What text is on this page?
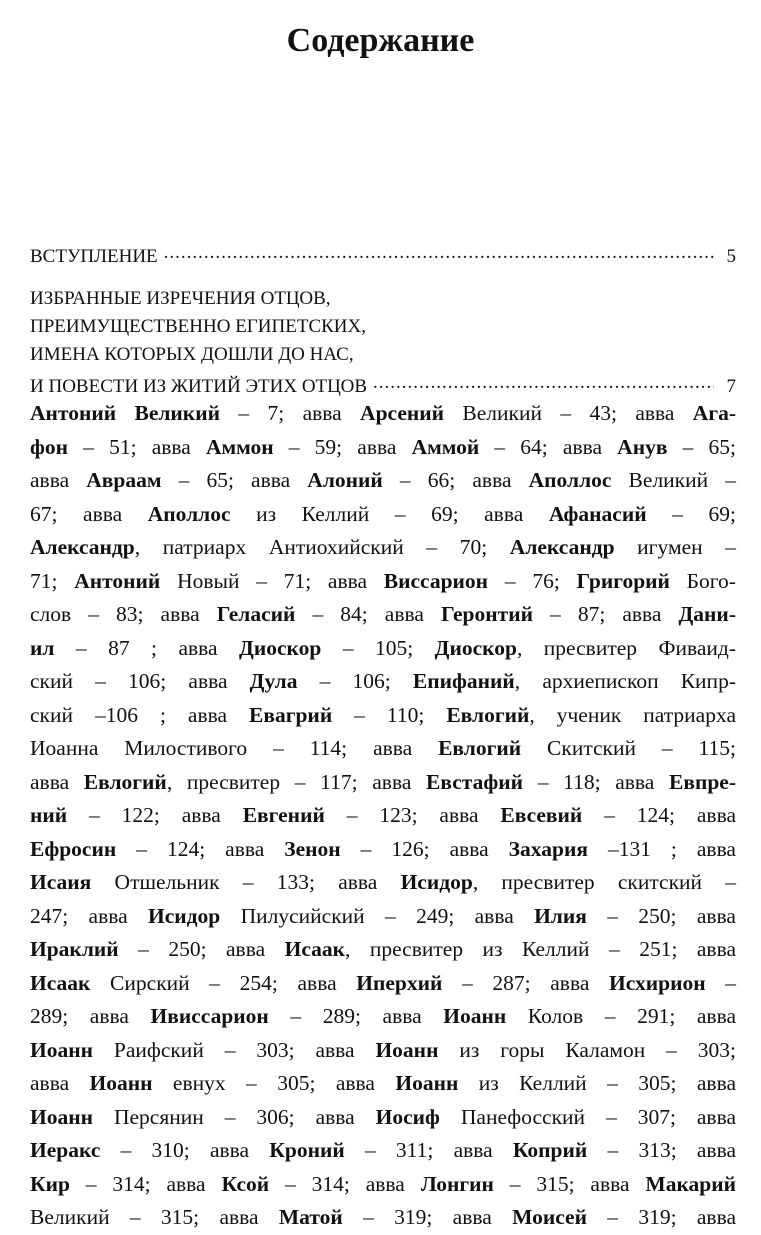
Содержание
ВСТУПЛЕНИЕ .....	5
ИЗБРАННЫЕ ИЗРЕЧЕНИЯ ОТЦОВ,
ПРЕИМУЩЕСТВЕННО ЕГИПЕТСКИХ,
ИМЕНА КОТОРЫХ ДОШЛИ ДО НАС,
И ПОВЕСТИ ИЗ ЖИТИЙ ЭТИХ ОТЦОВ .....	7
Антоний Великий – 7; авва Арсений Великий – 43; авва Ага-
фон – 51; авва Аммон – 59; авва Аммой – 64; авва Анув – 65;
авва Авраам – 65; авва Алоний – 66; авва Аполлос Великий –
67; авва Аполлос из Келлий – 69; авва Афанасий – 69;
Александр, патриарх Антиохийский – 70; Александр игумен –
71; Антоний Новый – 71; авва Виссарион – 76; Григорий Бого-
слов – 83; авва Геласий – 84; авва Геронтий – 87; авва Дани-
ил – 87 ; авва Диоскор – 105; Диоскор, пресвитер Фиваид-
ский – 106; авва Дула – 106; Епифаний, архиепископ Кипр-
ский –106 ; авва Евагрий – 110; Евлогий, ученик патриарха
Иоанна Милостивого – 114; авва Евлогий Скитский – 115;
авва Евлогий, пресвитер – 117; авва Евстафий – 118; авва Евпре-
ний – 122; авва Евгений – 123; авва Евсевий – 124; авва
Ефросин – 124; авва Зенон – 126; авва Захария –131 ; авва
Исаия Отшельник – 133; авва Исидор, пресвитер скитский –
247; авва Исидор Пилусийский – 249; авва Илия – 250; авва
Ираклий – 250; авва Исаак, пресвитер из Келлий – 251; авва
Исаак Сирский – 254; авва Иперхий – 287; авва Исхирион –
289; авва Ивиссарион – 289; авва Иоанн Колов – 291; авва
Иоанн Раифский – 303; авва Иоанн из горы Каламон – 303;
авва Иоанн евнух – 305; авва Иоанн из Келлий – 305; авва
Иоанн Персянин – 306; авва Иосиф Панефосский – 307; авва
Иеракс – 310; авва Кроний – 311; авва Коприй – 313; авва
Кир – 314; авва Ксой – 314; авва Лонгин – 315; авва Макарий
Великий – 315; авва Матой – 319; авва Моисей – 319; авва
